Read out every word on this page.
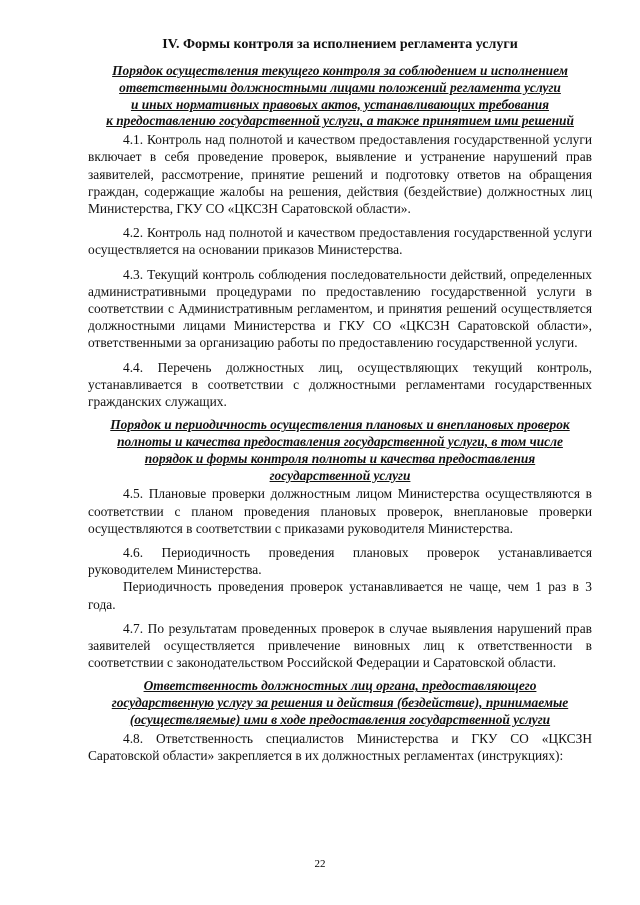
IV. Формы контроля за исполнением регламента услуги
Порядок осуществления текущего контроля за соблюдением и исполнением
ответственными должностными лицами положений регламента услуги
и иных нормативных правовых актов, устанавливающих требования
к предоставлению государственной услуги, а также принятием ими решений

4.1. Контроль над полнотой и качеством предоставления государственной услуги включает в себя проведение проверок, выявление и устранение нарушений прав заявителей, рассмотрение, принятие решений и подготовку ответов на обращения граждан, содержащие жалобы на решения, действия (бездействие) должностных лиц Министерства, ГКУ СО «ЦКСЗН Саратовской области».

4.2. Контроль над полнотой и качеством предоставления государственной услуги осуществляется на основании приказов Министерства.

4.3. Текущий контроль соблюдения последовательности действий, определенных административными процедурами по предоставлению государственной услуги в соответствии с Административным регламентом, и принятия решений осуществляется должностными лицами Министерства и ГКУ СО «ЦКСЗН Саратовской области», ответственными за организацию работы по предоставлению государственной услуги.

4.4. Перечень должностных лиц, осуществляющих текущий контроль, устанавливается в соответствии с должностными регламентами государственных гражданских служащих.

Порядок и периодичность осуществления плановых и внеплановых проверок
полноты и качества предоставления государственной услуги, в том числе
порядок и формы контроля полноты и качества предоставления
государственной услуги

4.5. Плановые проверки должностным лицом Министерства осуществляются в соответствии с планом проведения плановых проверок, внеплановые проверки осуществляются в соответствии с приказами руководителя Министерства.

4.6. Периодичность проведения плановых проверок устанавливается руководителем Министерства.

Периодичность проведения проверок устанавливается не чаще, чем 1 раз в 3 года.

4.7. По результатам проведенных проверок в случае выявления нарушений прав заявителей осуществляется привлечение виновных лиц к ответственности в соответствии с законодательством Российской Федерации и Саратовской области.

Ответственность должностных лиц органа, предоставляющего
государственную услугу за решения и действия (бездействие), принимаемые
(осуществляемые) ими в ходе предоставления государственной услуги

4.8. Ответственность специалистов Министерства и ГКУ СО «ЦКСЗН Саратовской области» закрепляется в их должностных регламентах (инструкциях):

22
